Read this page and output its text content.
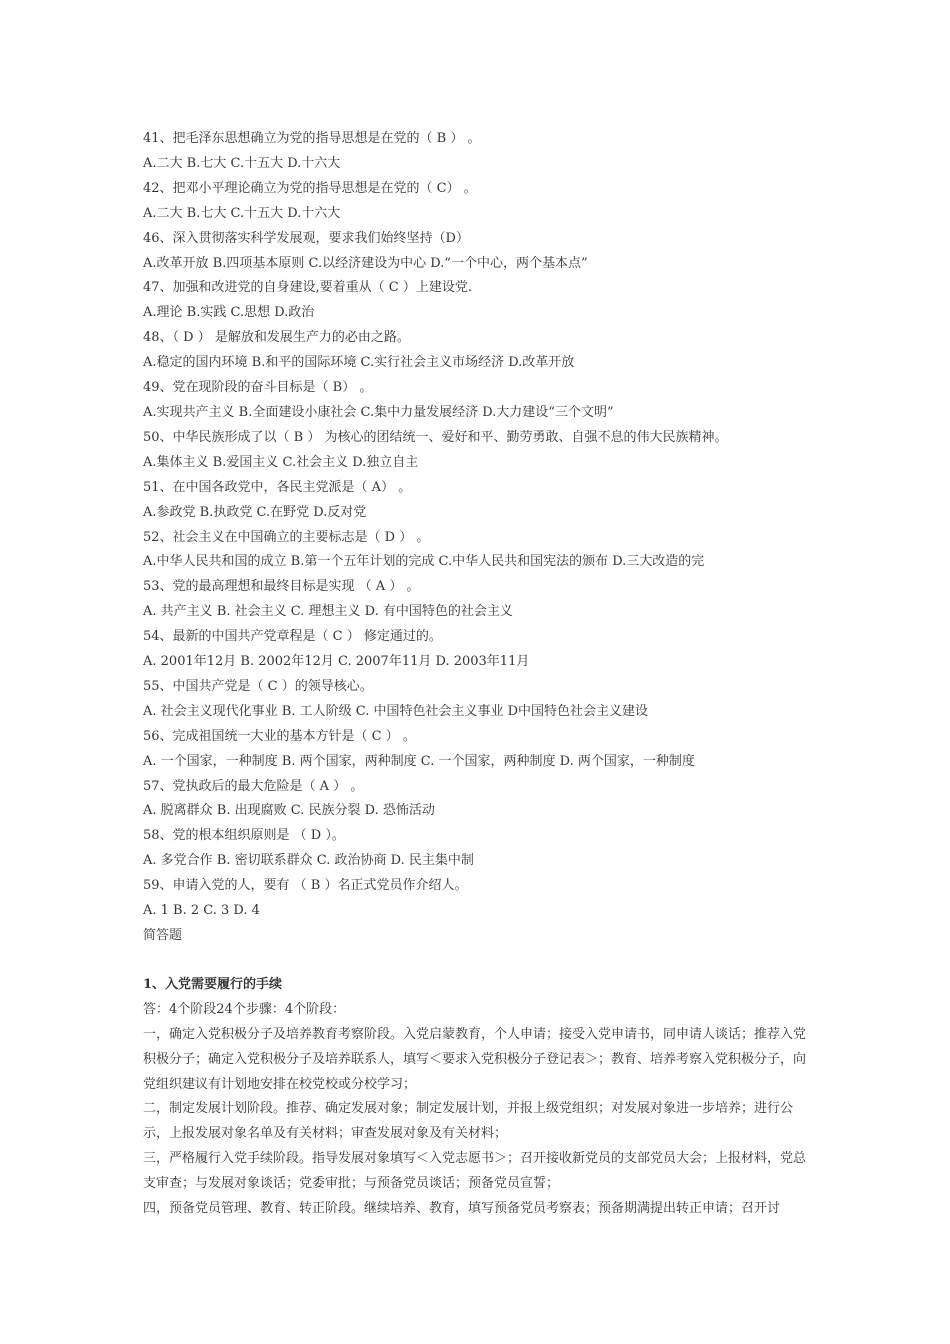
41、把毛泽东思想确立为党的指导思想是在党的（ B ） 。
A.二大 B.七大 C.十五大 D.十六大
42、把邓小平理论确立为党的指导思想是在党的（ C） 。
A.二大 B.七大 C.十五大 D.十六大
46、深入贯彻落实科学发展观，要求我们始终坚持（D）
A.改革开放 B.四项基本原则 C.以经济建设为中心 D.“一个中心，两个基本点”
47、加强和改进党的自身建设,要着重从（ C ）上建设党.
A.理论 B.实践 C.思想 D.政治
48、（ D ） 是解放和发展生产力的必由之路。
A.稳定的国内环境 B.和平的国际环境 C.实行社会主义市场经济 D.改革开放
49、党在现阶段的奋斗目标是（ B） 。
A.实现共产主义 B.全面建设小康社会 C.集中力量发展经济 D.大力建设“三个文明”
50、中华民族形成了以（ B ） 为核心的团结统一、爱好和平、勤劳勇敢、自强不息的伟大民族精神。
A.集体主义 B.爱国主义 C.社会主义 D.独立自主
51、在中国各政党中，各民主党派是（ A） 。
A.参政党 B.执政党 C.在野党 D.反对党
52、社会主义在中国确立的主要标志是（ D ） 。
A.中华人民共和国的成立 B.第一个五年计划的完成 C.中华人民共和国宪法的颁布 D.三大改造的完
53、党的最高理想和最终目标是实现 （ A ） 。
A. 共产主义 B. 社会主义 C. 理想主义 D. 有中国特色的社会主义
54、最新的中国共产党章程是（ C ） 修定通过的。
A. 2001年12月 B. 2002年12月 C. 2007年11月 D. 2003年11月
55、中国共产党是（ C ）的领导核心。
A. 社会主义现代化事业 B. 工人阶级 C. 中国特色社会主义事业 D中国特色社会主义建设
56、完成祖国统一大业的基本方针是（ C ） 。
A. 一个国家，一种制度 B. 两个国家，两种制度 C. 一个国家，两种制度 D. 两个国家，一种制度
57、党执政后的最大危险是（ A ） 。
A. 脱离群众 B. 出现腐败 C. 民族分裂 D. 恐怖活动
58、党的根本组织原则是 （ D ）。
A. 多党合作 B. 密切联系群众 C. 政治协商 D. 民主集中制
59、申请入党的人，要有 （ B ）名正式党员作介绍人。
A. 1 B. 2 C. 3 D. 4
简答题
1、入党需要履行的手续
答：4个阶段24个步骤：4个阶段：
一，确定入党积极分子及培养教育考察阶段。入党启蒙教育，个人申请；接受入党申请书，同申请人谈话；推荐入党积极分子；确定入党积极分子及培养联系人，填写＜要求入党积极分子登记表＞；教育、培养考察入党积极分子，向党组织建议有计划地安排在校党校或分校学习；
二，制定发展计划阶段。推荐、确定发展对象；制定发展计划，并报上级党组织；对发展对象进一步培养；进行公示，上报发展对象名单及有关材料；审查发展对象及有关材料；
三，严格履行入党手续阶段。指导发展对象填写＜入党志愿书＞；召开接收新党员的支部党员大会；上报材料，党总支审查；与发展对象谈话；党委审批；与预备党员谈话；预备党员宣誓；
四，预备党员管理、教育、转正阶段。继续培养、教育，填写预备党员考察表；预备期满提出转正申请；召开讨
